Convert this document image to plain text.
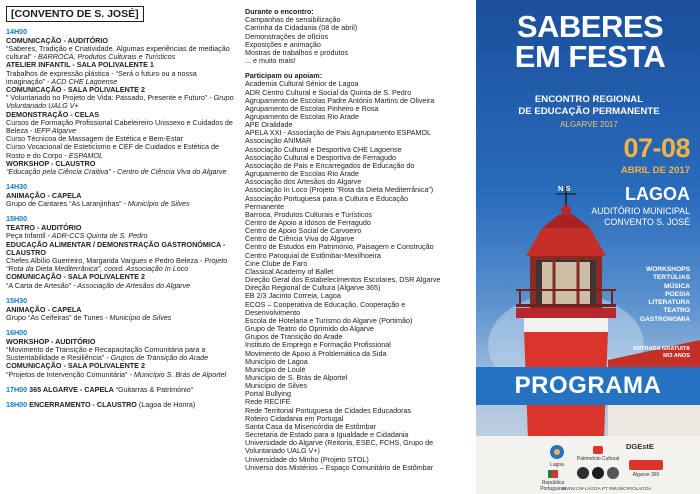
[CONVENTO DE S. JOSÉ]
14H00
COMUNICAÇÃO - AUDITÓRIO
“Saberes, Tradição e Criatividade. Algumas experiências de mediação cultural” - BARROCA, Produtos Culturais e Turísticos
ATELIER INFANTIL - SALA POLIVALENTE 1
Trabalhos de expressão plástica - “Será o futuro ou a nossa imaginação” - ACD CHE Lagoense
COMUNICAÇÃO - SALA POLIVALENTE 2
” Voluntariado no Projeto de Vida: Passado, Presente e Futuro” - Grupo Voluntariado UALG V+
DEMONSTRAÇÃO - CELAS
Cursos de Formação Profissional Cabeleireiro Unissexo e Cuidados de Beleza - IEFP Algarve
Curso Técnicoa de Massagem de Estética e Bem-Estar
Curso Vocacional de Esteticismo e CEF de Cuidados e Estética de Rosto e do Corpo - ESPAMOL
WORKSHOP - CLAUSTRO
“Educação pela Ciência Craitiva” - Centro de Ciência Viva do Algarve
14H30
ANIMAÇÃO - CAPELA
Grupo de Cantares “As Laranjinhas” - Município de Silves
15H00
TEATRO - AUDITÓRIO
Peça Infantil - ADR-CCS Quinta de S. Pedro
EDUCAÇÃO ALIMENTAR / DEMONSTRAÇÃO GASTRONÓMICA - CLAUSTRO
Chefes Albílio Guerreiro, Margarida Vargues e Pedro Beleza - Projeto “Rota da Dieta Mediterrânica”, coord. Associação In Loco
COMUNICAÇÃO - SALA POLIVALENTE 2
“A Carta de Artesão” - Associação de Artesãos do Algarve
15H30
ANIMAÇÃO - CAPELA
Grupo “As Ceifeiras” de Tunes - Município de Silves
16H00
WORKSHOP - AUDITÓRIO
“Movimento de Transição e Recapacitação Comunitária para a Sustentabilidade e Resiliência” - Grupos de Transição do Arade
COMUNICAÇÃO - SALA POLIVALENTE 2
“Projetos de Intervenção Comunitária” - Município S. Brás de Alportel
17H00 365 ALGARVE - CAPELA “Guitarras & Património”
18H00 ENCERRAMENTO - CLAUSTRO (Lagoa de Honra)
Durante o encontro:
Campanhas de sensibilização
Carrinha da Cidadania (08 de abril)
Demonstrações de ofícios
Exposições e animação
Mostras de trabalhos e produtos
... e muito mais!
Participam ou apoiam:
Academia Cultural Sénior de Lagoa
ADR Centro Cultural e Social da Quinta de S. Pedro
Agrupamento de Escolas Padre António Martins de Oliveira
Agrupamento de Escolas Pinheiro e Rosa
Agrupamento de Escolas Rio Arade
APE Oralidade
APELA XXI - Associação de Pais Agrupamento ESPAMOL
Associação ANIMAR
Associação Cultural e Desportiva CHE Lagoense
Associação Cultural e Desportiva de Ferragudo
Associação de Pais e Encarregados de Educação do
Agrupamento de Escolas Rio Arade
Associação dos Artesãos do Algarve
Associação In Loco (Projeto “Rota da Dieta Mediterrânica”)
Associação Portuguesa para a Cultura e Educação
Permanente
Barroca, Produtos Culturais e Turísticos
Centro de Apoio a Idosos de Ferragudo
Centro de Apoio Social de Carvoeiro
Centro de Ciência Viva do Algarve
Centro de Estudos em Património, Paisagem e Construção
Centro Paroquial de Estômbar-Mexilhoeira
Cine Clube de Faro
Classical Academy of Ballet
Direção Geral dos Estabelecimentos Escolares, DSR Algarve
Direção Regional de Cultura (Algarve 365)
EB 2/3 Jacinto Correia, Lagoa
ECOS – Cooperativa de Educação, Cooperação e
Desenvolvimento
Escola de Hotelaria e Turismo do Algarve (Portimão)
Grupo de Teatro do Oprimido do Algarve
Grupos de Transição do Arade
Instituto de Emprego e Formação Profissional
Movimento de Apoio à Problemática da Sida
Município de Lagoa
Município de Loulé
Município de S. Brás de Alportel
Município de Silves
Portal Bullying
Rede RECIFE
Rede Territorial Portuguesa de Cidades Educadoras
Roteiro Cidadania em Portugal
Santa Casa da Misericórdia de Estômbar
Secretaria de Estado para a Igualdade e Cidadania
Universidade do Algarve (Reitoria, ESEC, FCHS, Grupo de
Voluntariado UALG V+)
Universidade do Minho (Projeto STOL)
Universo dos Mistérios – Espaço Comunitário de Estômbar
N S
SABERES
EM FESTA
ENCONTRO REGIONAL
DE EDUCAÇÃO PERMANENTE
ALGARVE 2017
07-08
ABRIL DE 2017
LAGOA
AUDITÓRIO MUNICIPAL
CONVENTO S. JOSÉ
WORKSHOPS
TERTÚLIAS
MÚSICA
POESIA
LITERATURA
TEATRO
GASTRONOMIA
ENTRADA GRATUITA
M/3 ANOS
PROGRAMA
Lagoa
República Portuguesa
Património Cultural
DGEstE
Algarve 365
WWW.CM-LAGOA.PT #MUNICIPIOLAGOA
